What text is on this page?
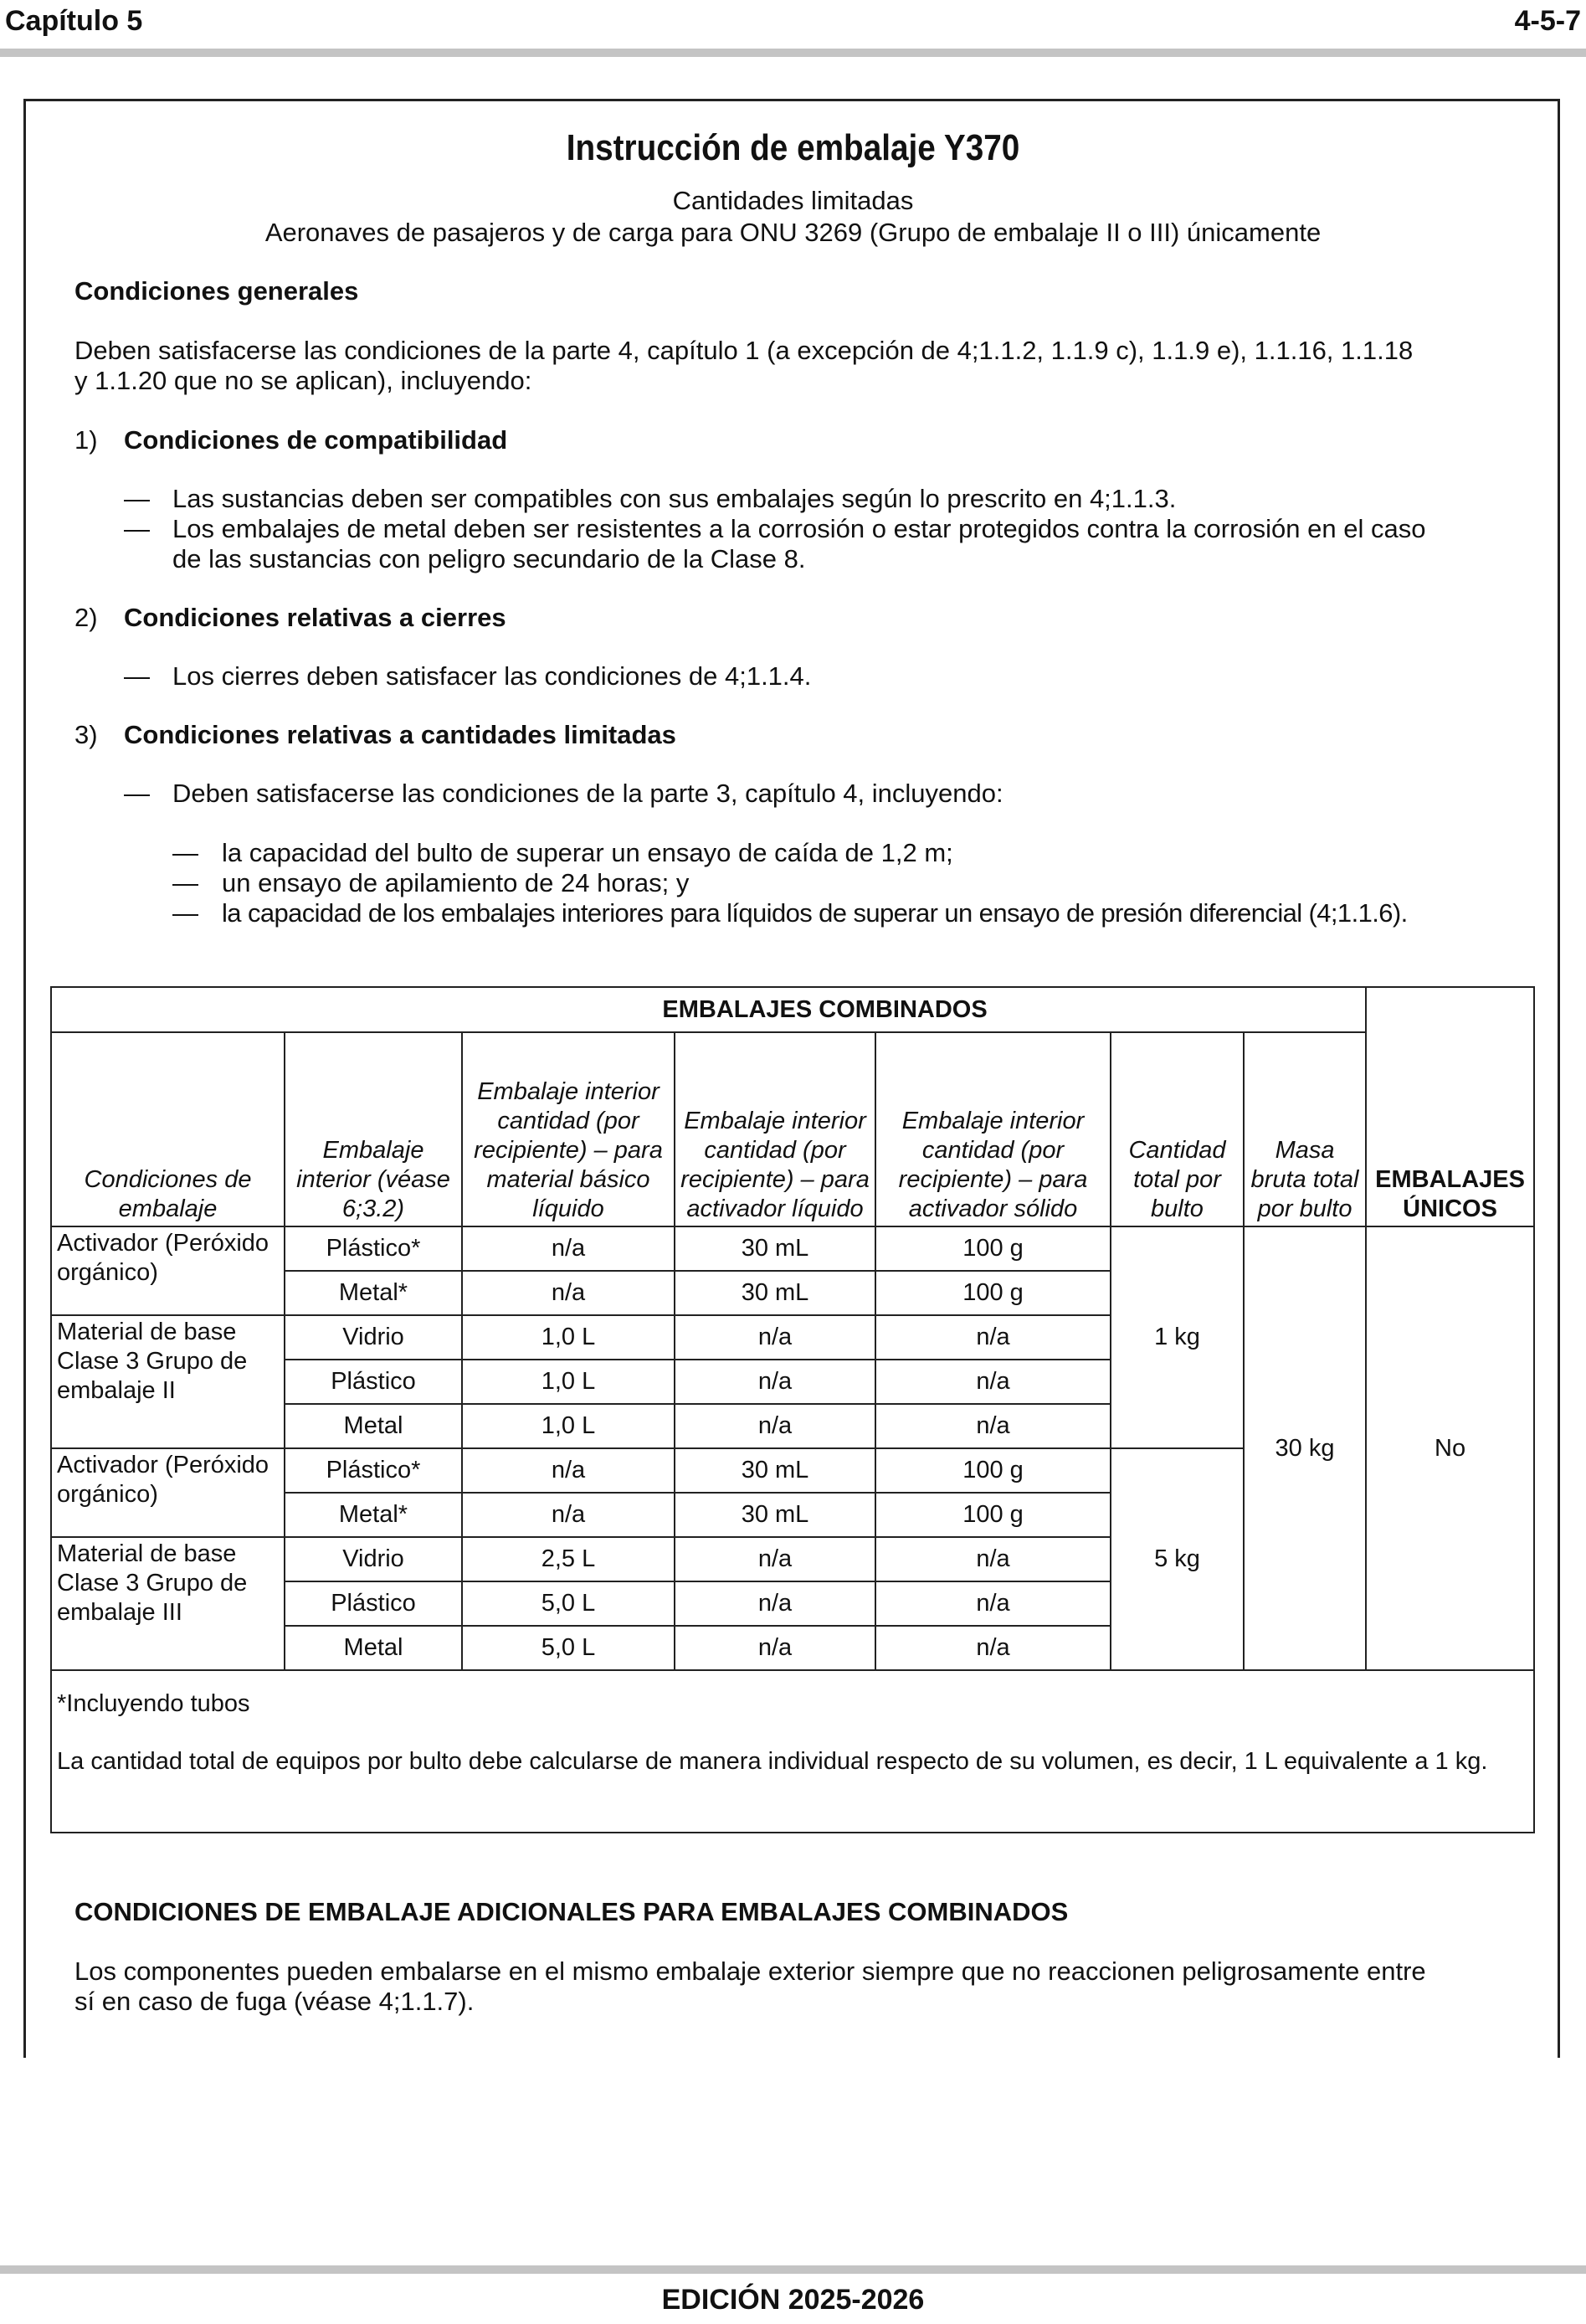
Capítulo 5	4-5-7
Instrucción de embalaje Y370
Cantidades limitadas
Aeronaves de pasajeros y de carga para ONU 3269 (Grupo de embalaje II o III) únicamente
Condiciones generales
Deben satisfacerse las condiciones de la parte 4, capítulo 1 (a excepción de 4;1.1.2, 1.1.9 c), 1.1.9 e), 1.1.16, 1.1.18
y 1.1.20 que no se aplican), incluyendo:
1) Condiciones de compatibilidad
— Las sustancias deben ser compatibles con sus embalajes según lo prescrito en 4;1.1.3.
— Los embalajes de metal deben ser resistentes a la corrosión o estar protegidos contra la corrosión en el caso
de las sustancias con peligro secundario de la Clase 8.
2) Condiciones relativas a cierres
— Los cierres deben satisfacer las condiciones de 4;1.1.4.
3) Condiciones relativas a cantidades limitadas
— Deben satisfacerse las condiciones de la parte 3, capítulo 4, incluyendo:
— la capacidad del bulto de superar un ensayo de caída de 1,2 m;
— un ensayo de apilamiento de 24 horas; y
— la capacidad de los embalajes interiores para líquidos de superar un ensayo de presión diferencial (4;1.1.6).
	EMBALAJES COMBINADOS						
Condiciones de embalaje	Embalaje interior (véase 6;3.2)	Embalaje interior cantidad (por recipiente) – para material básico líquido	Embalaje interior cantidad (por recipiente) – para activador líquido	Embalaje interior cantidad (por recipiente) – para activador sólido	Cantidad total por bulto	Masa bruta total por bulto	EMBALAJES ÚNICOS
Activador (Peróxido orgánico)	Plástico*	n/a	30 mL	100 g	1 kg	30 kg	No
	Metal*	n/a	30 mL	100 g			
Material de base Clase 3 Grupo de embalaje II	Vidrio	1,0 L	n/a	n/a			
	Plástico	1,0 L	n/a	n/a			
	Metal	1,0 L	n/a	n/a			
Activador (Peróxido orgánico)	Plástico*	n/a	30 mL	100 g	5 kg		
	Metal*	n/a	30 mL	100 g			
Material de base Clase 3 Grupo de embalaje III	Vidrio	2,5 L	n/a	n/a			
	Plástico	5,0 L	n/a	n/a			
	Metal	5,0 L	n/a	n/a			

*Incluyendo tubos
La cantidad total de equipos por bulto debe calcularse de manera individual respecto de su volumen, es decir, 1 L equivalente a 1 kg.							
CONDICIONES DE EMBALAJE ADICIONALES PARA EMBALAJES COMBINADOS
Los componentes pueden embalarse en el mismo embalaje exterior siempre que no reaccionen peligrosamente entre
sí en caso de fuga (véase 4;1.1.7).
EDICIÓN 2025-2026
